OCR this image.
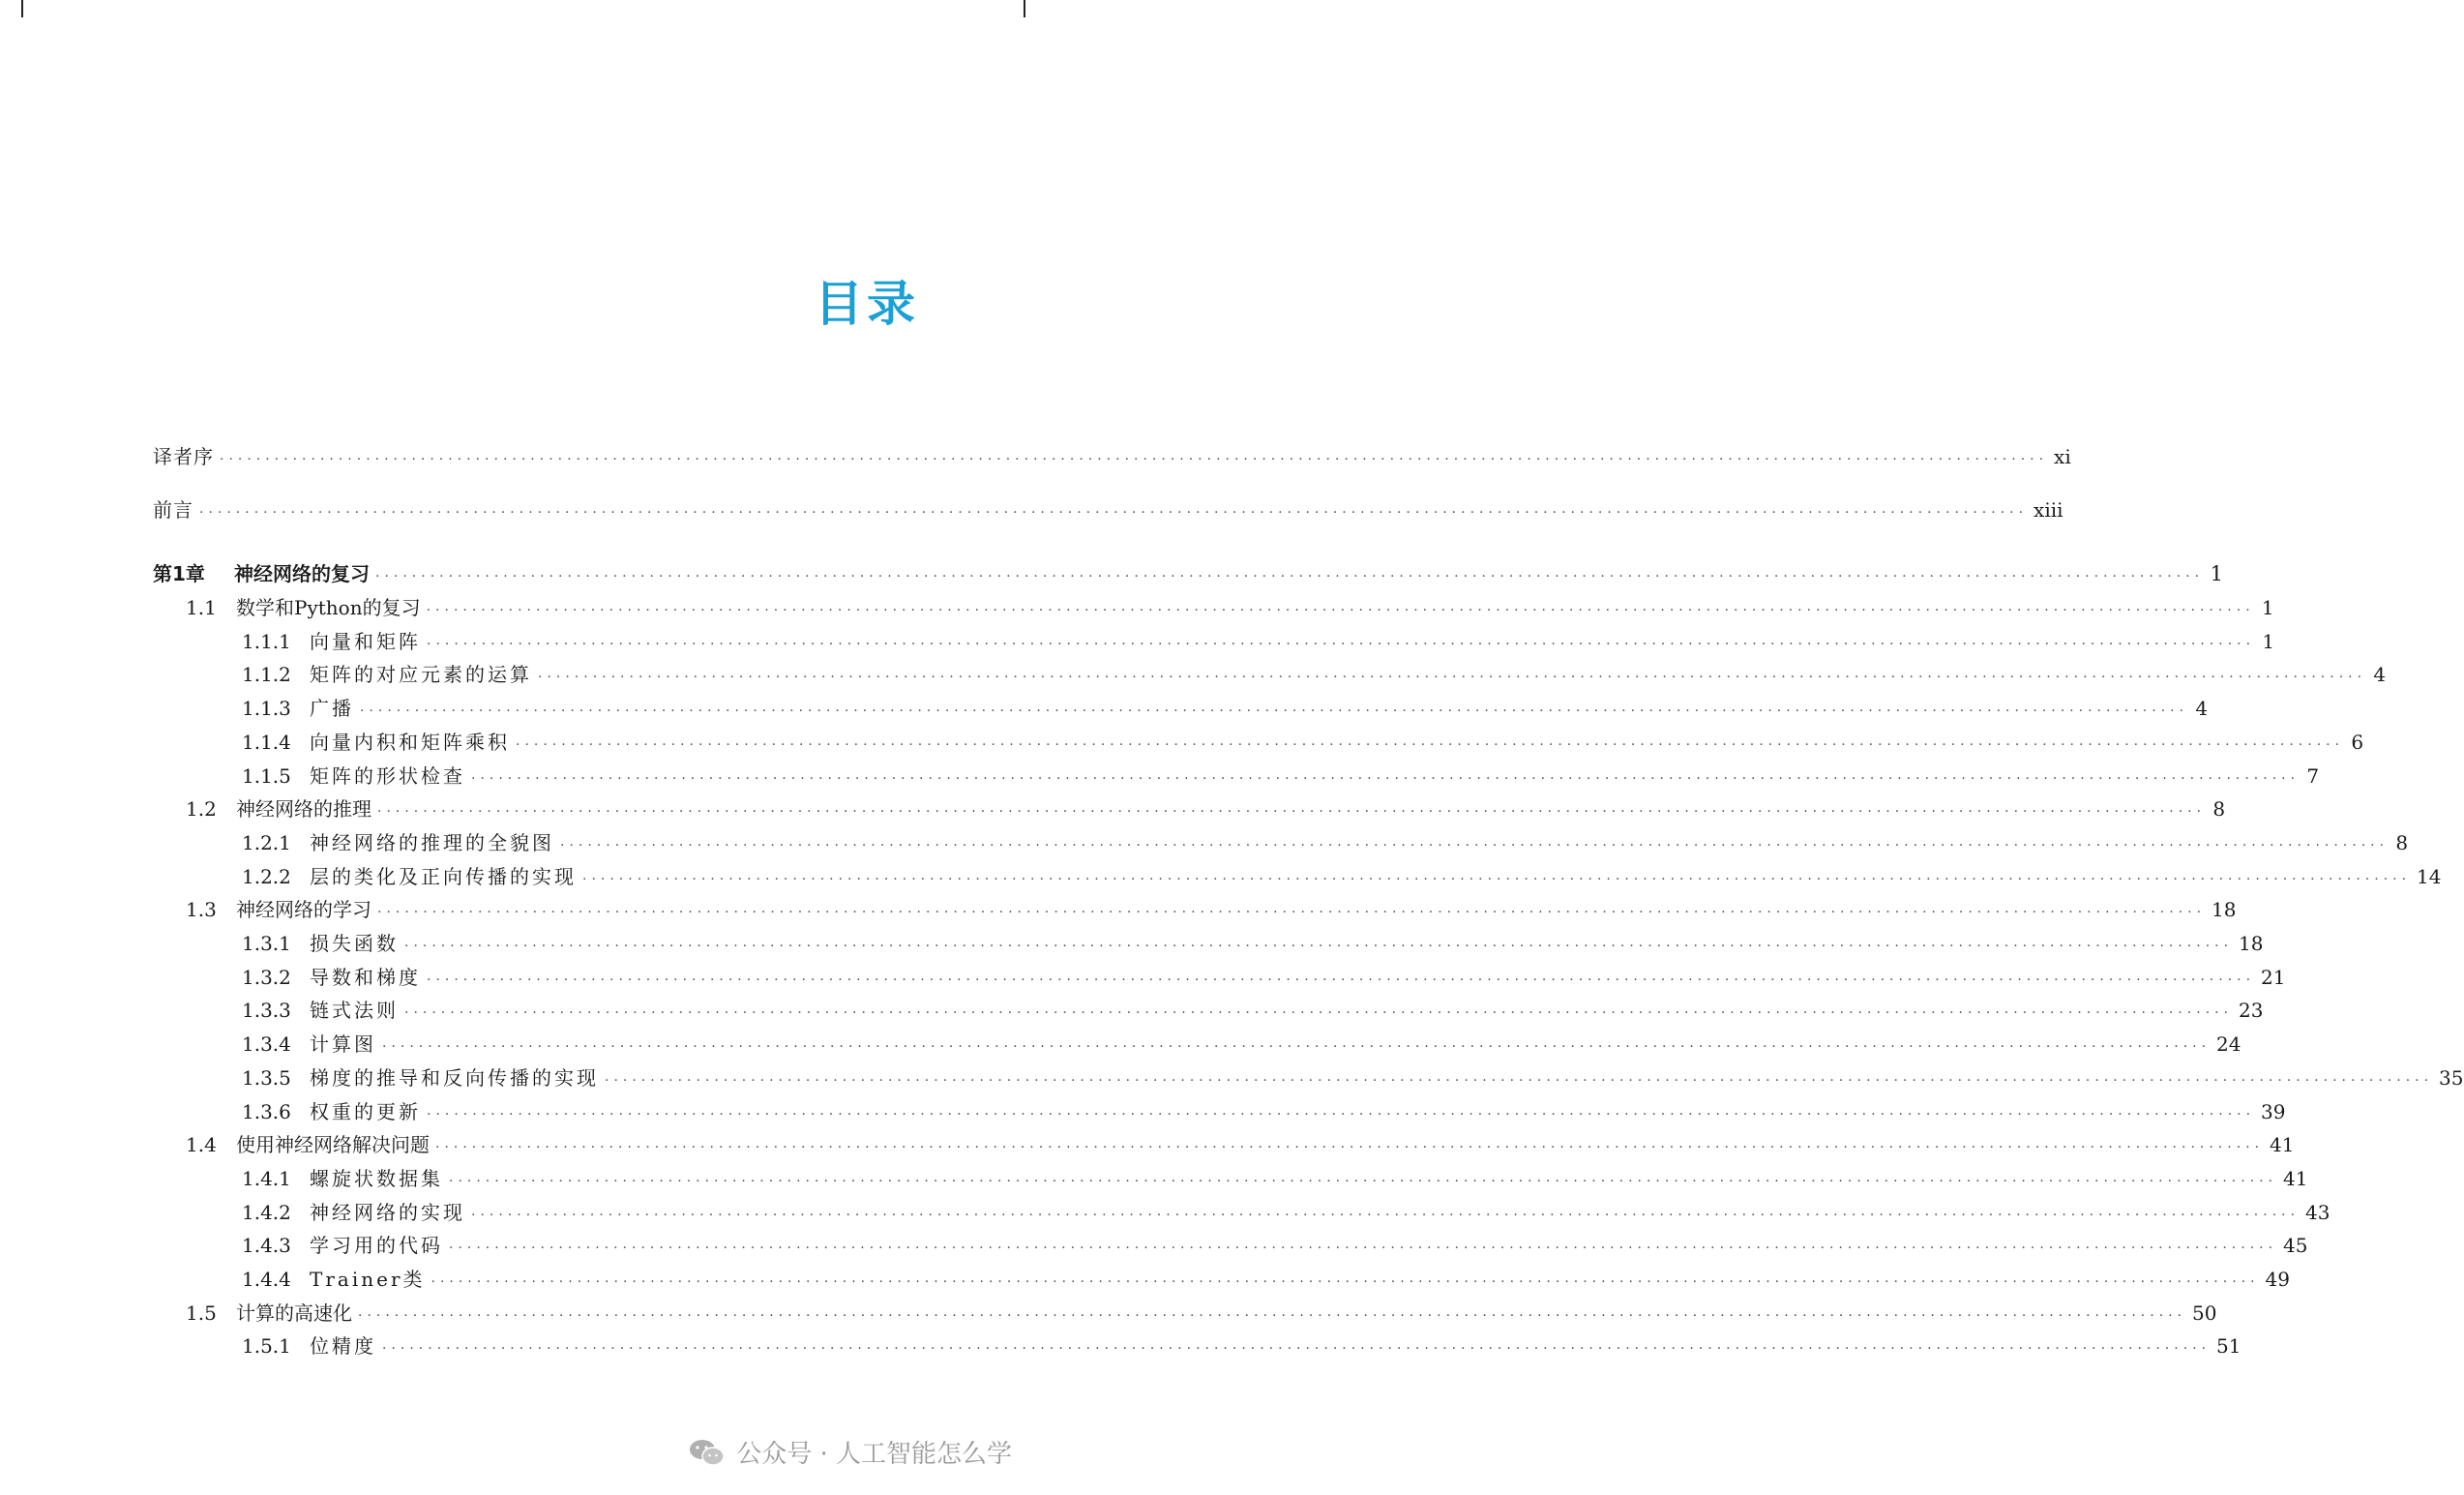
目录
译者序 ········································································································································································································ xi
前言 ········································································································································································································ xiii
第1章	神经网络的复习 ········································································································································································································ 1
1.1	数学和Python的复习 ········································································································································································································ 1
1.1.1 向量和矩阵 ········································································································································································································ 1
1.1.2 矩阵的对应元素的运算 ········································································································································································································ 4
1.1.3 广播 ········································································································································································································ 4
1.1.4 向量内积和矩阵乘积 ········································································································································································································ 6
1.1.5 矩阵的形状检查 ········································································································································································································ 7
1.2	神经网络的推理 ········································································································································································································ 8
1.2.1 神经网络的推理的全貌图 ········································································································································································································ 8
1.2.2 层的类化及正向传播的实现 ········································································································································································································ 14
1.3	神经网络的学习 ········································································································································································································ 18
1.3.1 损失函数 ········································································································································································································ 18
1.3.2 导数和梯度 ········································································································································································································ 21
1.3.3 链式法则 ········································································································································································································ 23
1.3.4 计算图 ········································································································································································································ 24
1.3.5 梯度的推导和反向传播的实现 ········································································································································································································ 35
1.3.6 权重的更新 ········································································································································································································ 39
1.4	使用神经网络解决问题 ········································································································································································································ 41
1.4.1 螺旋状数据集 ········································································································································································································ 41
1.4.2 神经网络的实现 ········································································································································································································ 43
1.4.3 学习用的代码 ········································································································································································································ 45
1.4.4 Trainer类 ········································································································································································································ 49
1.5	计算的高速化 ········································································································································································································ 50
1.5.1 位精度 ········································································································································································································ 51
公众号 · 人工智能怎么学
